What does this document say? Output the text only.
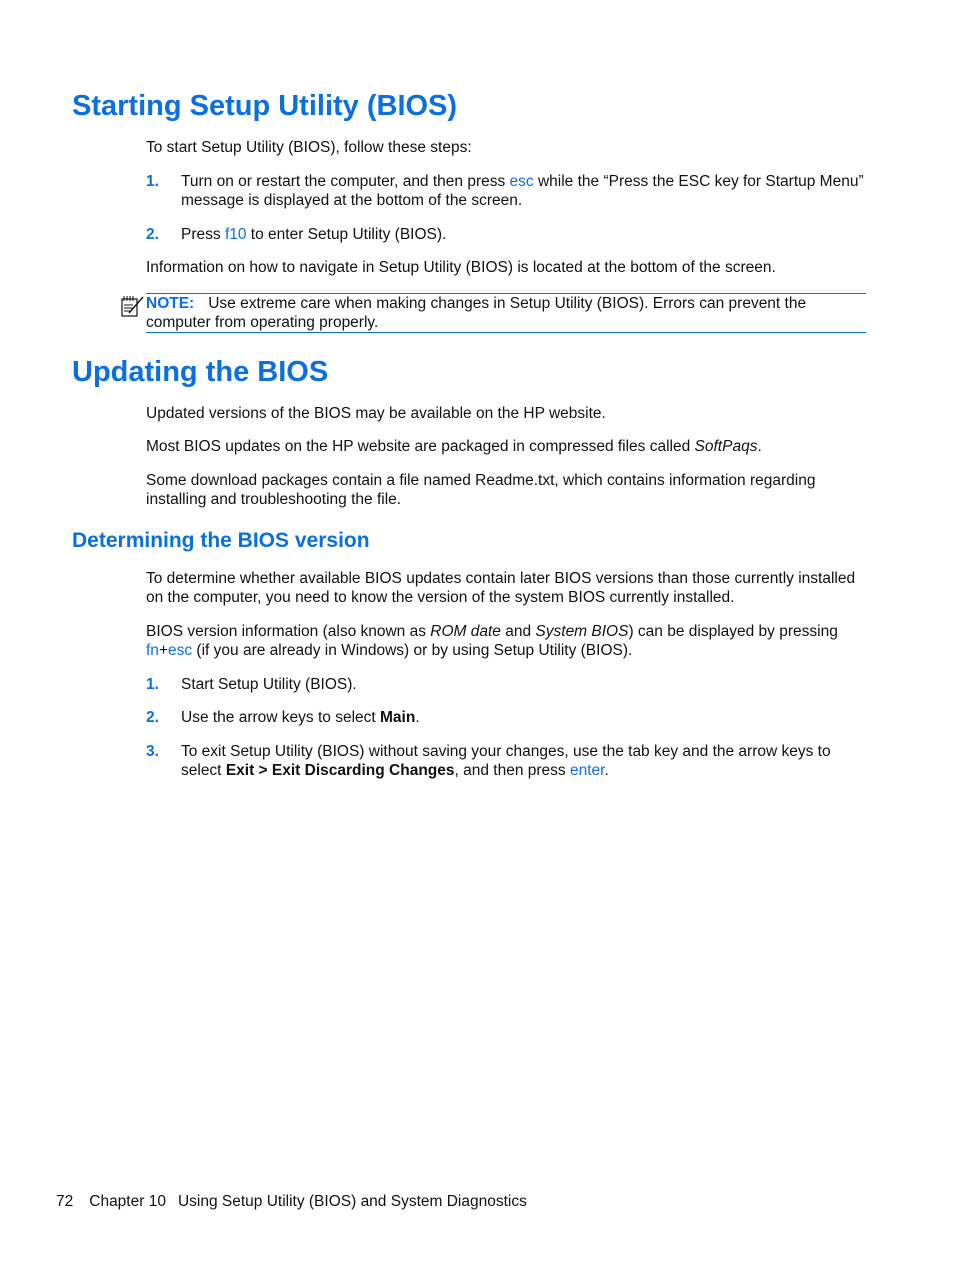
Starting Setup Utility (BIOS)

To start Setup Utility (BIOS), follow these steps:

1. Turn on or restart the computer, and then press esc while the “Press the ESC key for Startup Menu” message is displayed at the bottom of the screen.
2. Press f10 to enter Setup Utility (BIOS).

Information on how to navigate in Setup Utility (BIOS) is located at the bottom of the screen.

NOTE: Use extreme care when making changes in Setup Utility (BIOS). Errors can prevent the computer from operating properly.
Updating the BIOS

Updated versions of the BIOS may be available on the HP website.

Most BIOS updates on the HP website are packaged in compressed files called SoftPaqs.

Some download packages contain a file named Readme.txt, which contains information regarding installing and troubleshooting the file.

Determining the BIOS version

To determine whether available BIOS updates contain later BIOS versions than those currently installed on the computer, you need to know the version of the system BIOS currently installed.

BIOS version information (also known as ROM date and System BIOS) can be displayed by pressing fn+esc (if you are already in Windows) or by using Setup Utility (BIOS).

1. Start Setup Utility (BIOS).
2. Use the arrow keys to select Main.
3. To exit Setup Utility (BIOS) without saving your changes, use the tab key and the arrow keys to select Exit > Exit Discarding Changes, and then press enter.
72 Chapter 10 Using Setup Utility (BIOS) and System Diagnostics
